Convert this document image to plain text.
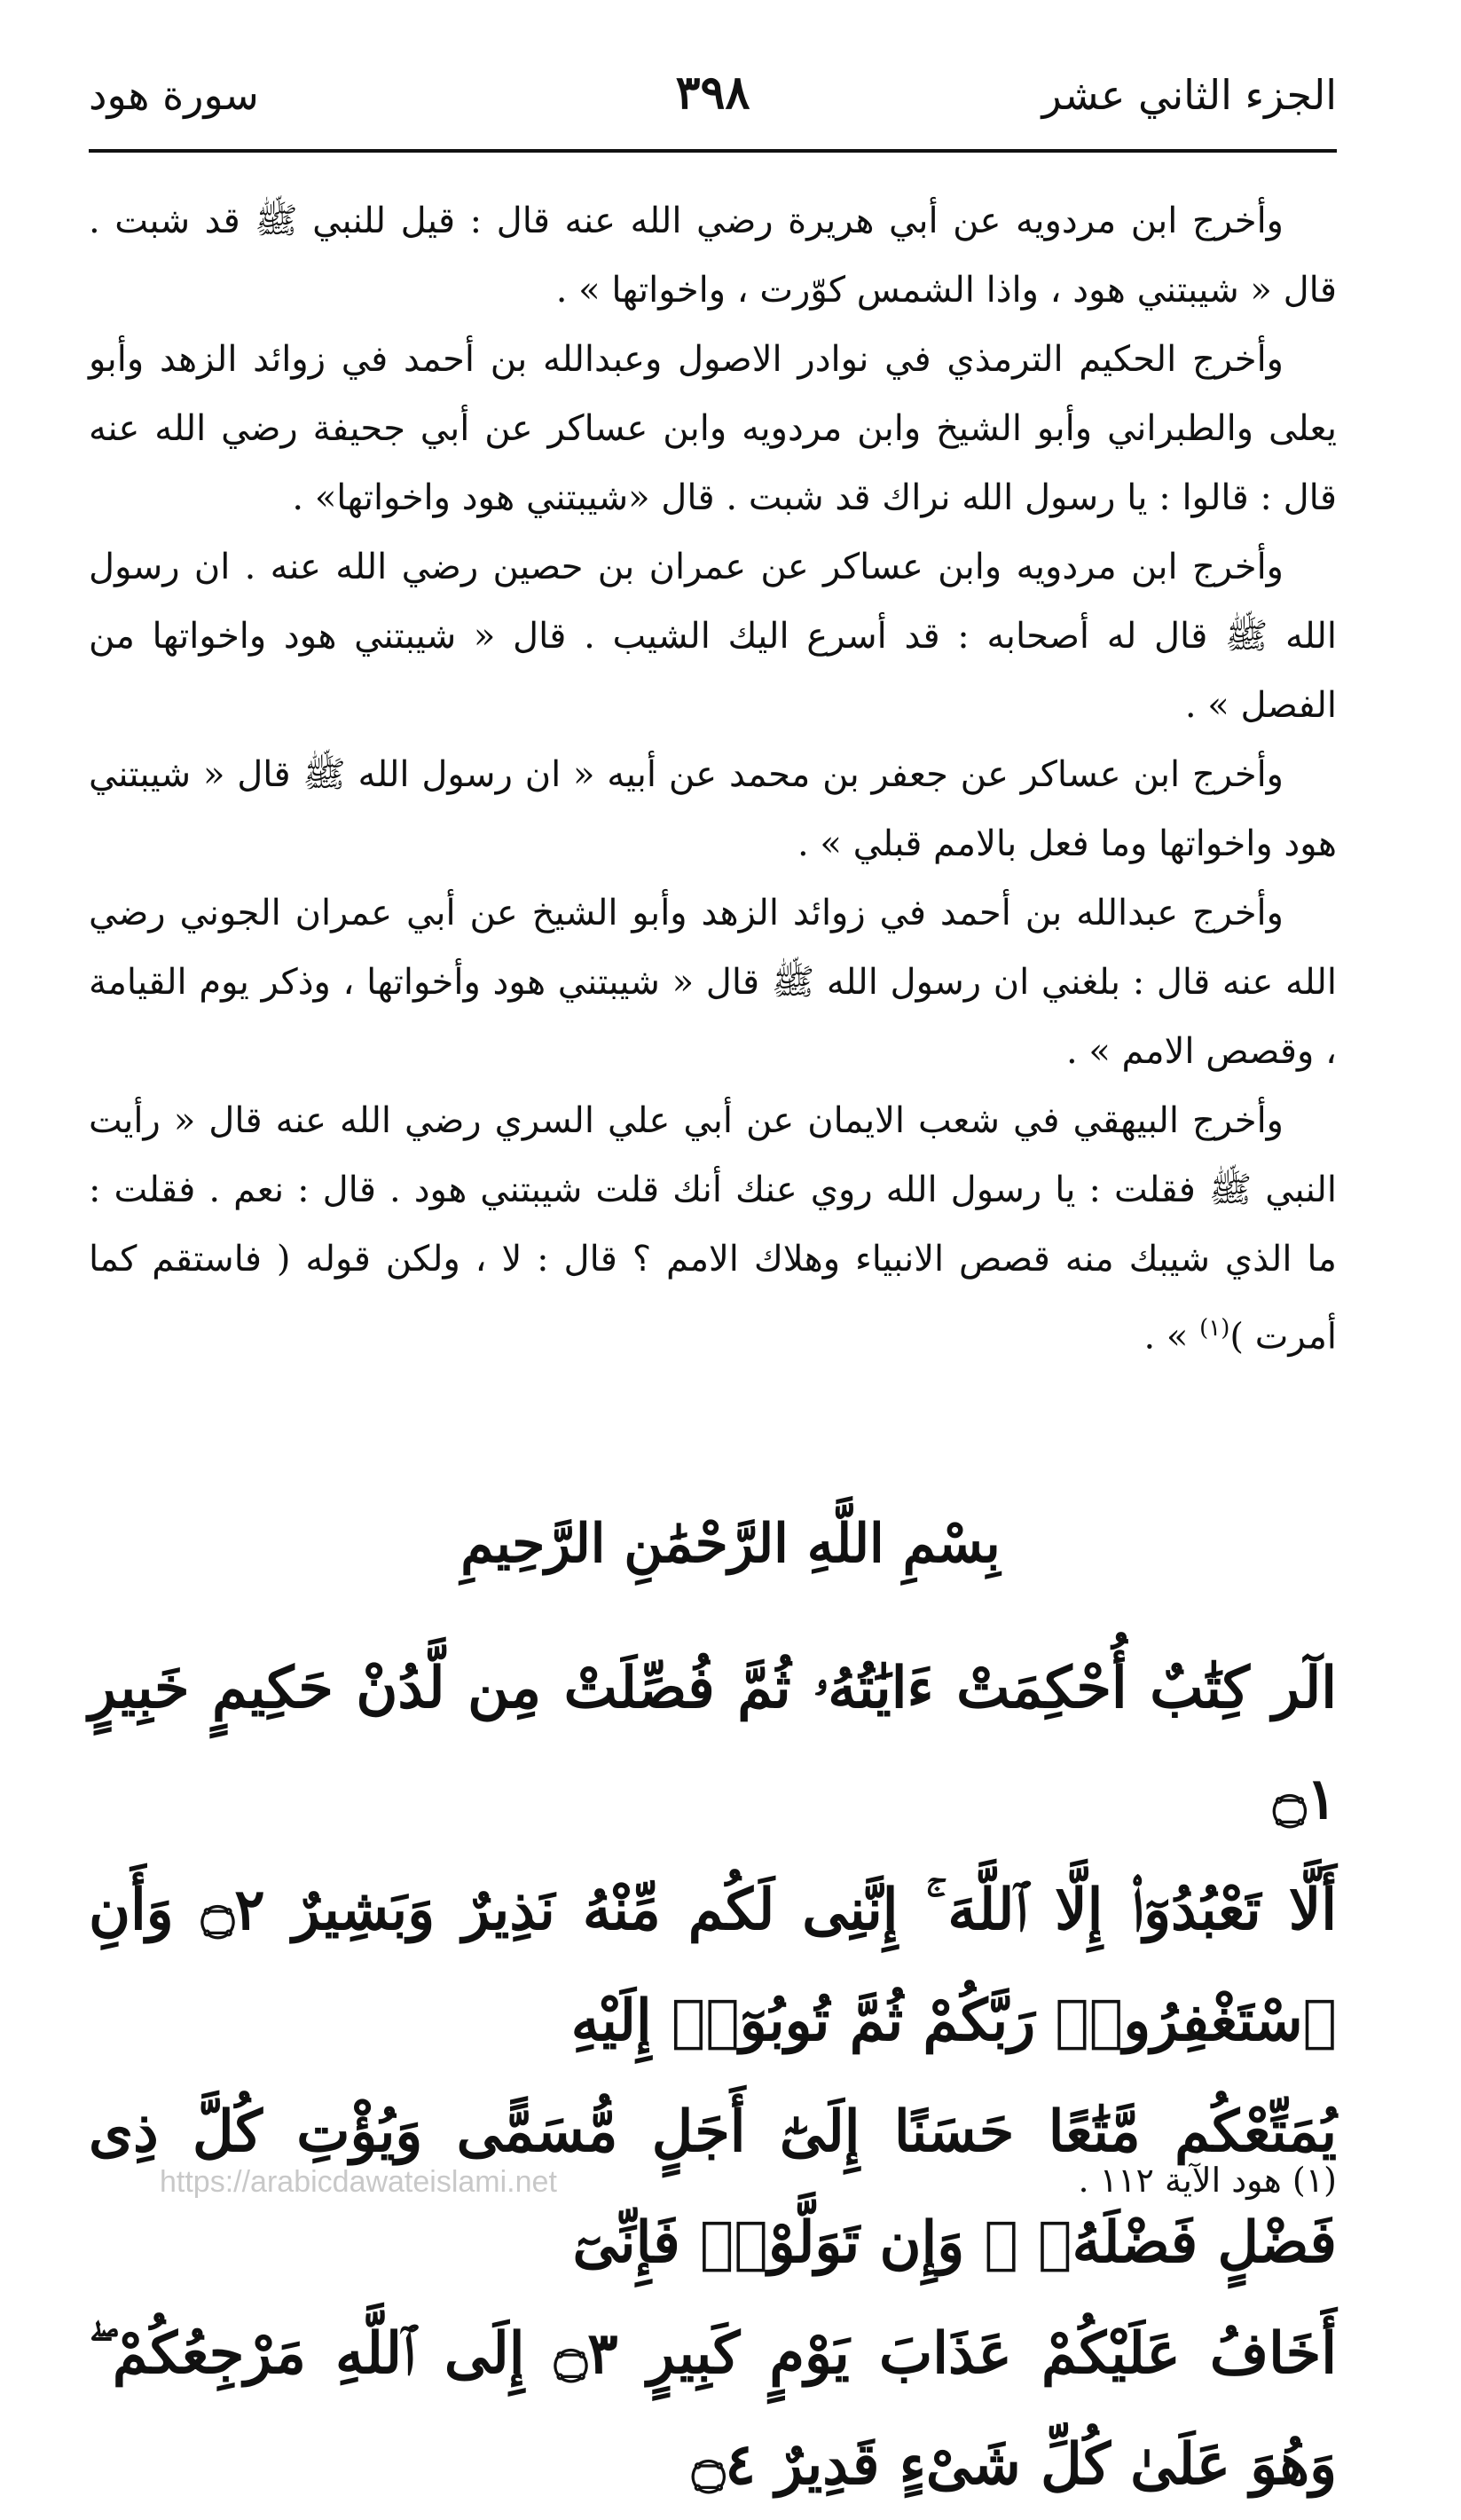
الجزء الثاني عشر
٣٩٨
سورة هود

وأخرج ابن مردويه عن أبي هريرة رضي الله عنه قال : قيل للنبي ﷺ قد شبت . قال « شيبتني هود ، واذا الشمس كوّرت ، واخواتها » .

وأخرج الحكيم الترمذي في نوادر الاصول وعبدالله بن أحمد في زوائد الزهد وأبو يعلى والطبراني وأبو الشيخ وابن مردويه وابن عساكر عن أبي جحيفة رضي الله عنه قال : قالوا : يا رسول الله نراك قد شبت . قال «شيبتني هود واخواتها» .

وأخرج ابن مردويه وابن عساكر عن عمران بن حصين رضي الله عنه . ان رسول الله ﷺ قال له أصحابه : قد أسرع اليك الشيب . قال « شيبتني هود واخواتها من الفصل » .

وأخرج ابن عساكر عن جعفر بن محمد عن أبيه « ان رسول الله ﷺ قال « شيبتني هود واخواتها وما فعل بالامم قبلي » .

وأخرج عبدالله بن أحمد في زوائد الزهد وأبو الشيخ عن أبي عمران الجوني رضي الله عنه قال : بلغني ان رسول الله ﷺ قال « شيبتني هود وأخواتها ، وذكر يوم القيامة ، وقصص الامم » .

وأخرج البيهقي في شعب الايمان عن أبي علي السري رضي الله عنه قال « رأيت النبي ﷺ فقلت : يا رسول الله روي عنك أنك قلت شيبتني هود . قال : نعم . فقلت : ما الذي شيبك منه قصص الانبياء وهلاك الامم ؟ قال : لا ، ولكن قوله ( فاستقم كما أمرت )$^{(١)}$ » .

بِسْمِ اللَّهِ الرَّحْمَٰنِ الرَّحِيمِ
الٓر كِتَٰبٌ أُحْكِمَتْ ءَايَٰتُهُۥ ثُمَّ فُصِّلَتْ مِن لَّدُنْ حَكِيمٍ خَبِيرٍ ۝١
أَلَّا تَعْبُدُوٓا۟ إِلَّا ٱللَّهَ ۚ إِنَّنِى لَكُم مِّنْهُ نَذِيرٌ وَبَشِيرٌ ۝٢ وَأَنِ ٱسْتَغْفِرُوا۟ رَبَّكُمْ ثُمَّ تُوبُوٓا۟ إِلَيْهِ
يُمَتِّعْكُم مَّتَٰعًا حَسَنًا إِلَىٰٓ أَجَلٍ مُّسَمًّى وَيُؤْتِ كُلَّ ذِى فَضْلٍ فَضْلَهُۥ ۖ وَإِن تَوَلَّوْا۟ فَإِنِّىٓ
أَخَافُ عَلَيْكُمْ عَذَابَ يَوْمٍ كَبِيرٍ ۝٣ إِلَى ٱللَّهِ مَرْجِعُكُمْ ۖ وَهُوَ عَلَىٰ كُلِّ شَىْءٍ قَدِيرٌ ۝٤
https://arabicdawateislami.net	(١) هود الآية ١١٢ .
